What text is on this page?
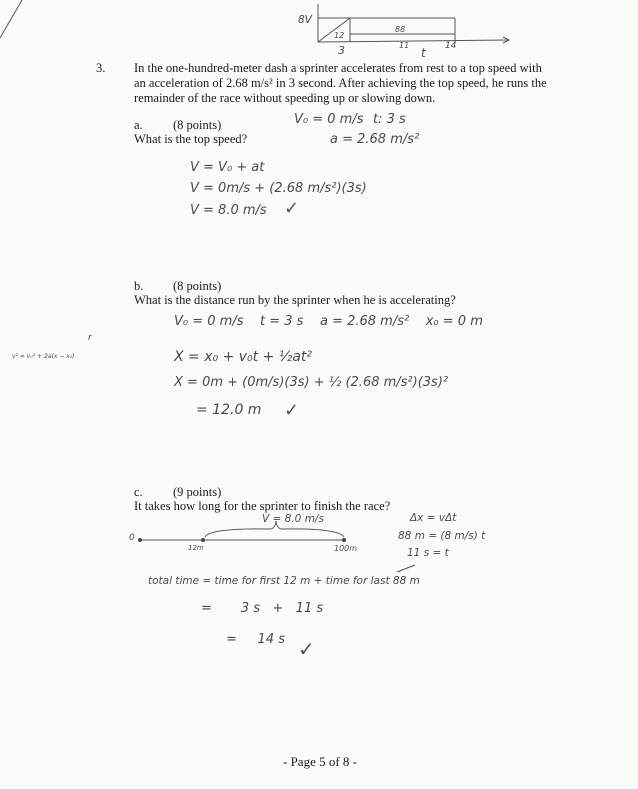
8V
88
12
3	11
t 14
3. In the one-hundred-meter dash a sprinter accelerates from rest to a top speed with an acceleration of 2.68 m/s² in 3 second. After achieving the top speed, he runs the remainder of the race without speeding up or slowing down.
a. (8 points)
What is the top speed?
V₀ = 0 m/s t: 3 s
a = 2.68 m/s²
V = V₀ + at
V = 0m/s + (2.68 m/s²)(3s)
V = 8.0 m/s ✓
v² = v₀² + 2a(x − x₀)
r
b. (8 points)
What is the distance run by the sprinter when he is accelerating?
V₀ = 0 m/s    t = 3 s    a = 2.68 m/s²    x₀ = 0 m
X = x₀ + v₀t + ½at²
X = 0m + (0m/s)(3s) + ½ (2.68 m/s²)(3s)²
= 12.0 m ✓
c. (9 points)
It takes how long for the sprinter to finish the race?
V = 8.0 m/s
0
12m	100m
Δx = vΔt
88 m = (8 m/s) t
11 s = t
total time = time for first 12 m + time for last 88 m
=       3 s   +   11 s
=     14 s ✓
- Page 5 of 8 -
